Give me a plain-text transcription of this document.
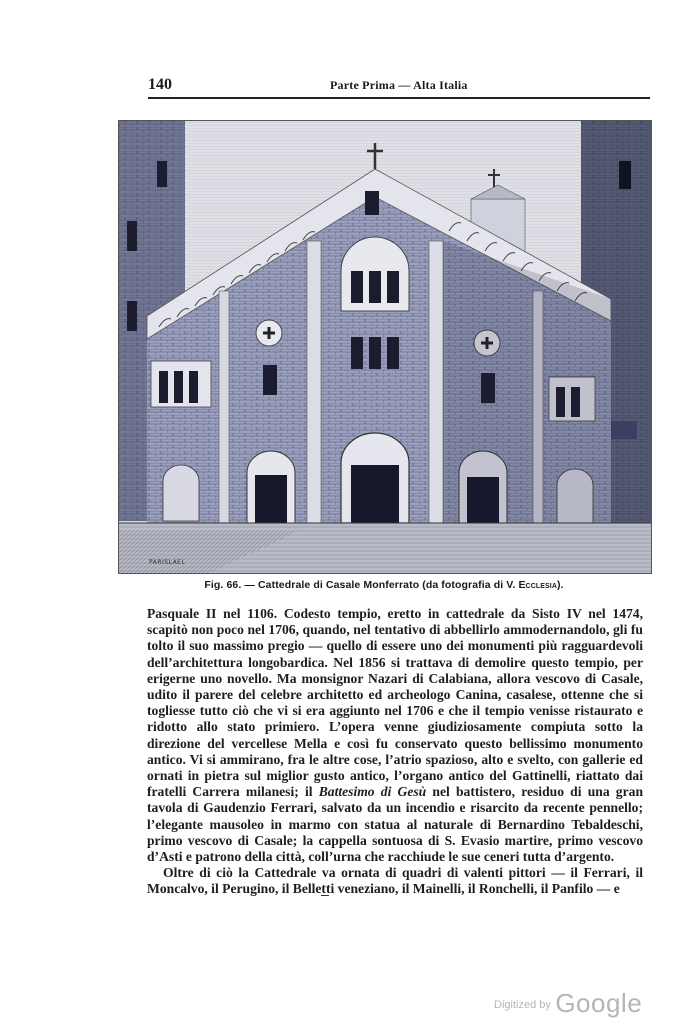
140	Parte Prima — Alta Italia
PARISLAEL
Fig. 66. — Cattedrale di Casale Monferrato (da fotografia di V. Ecclesia).

Pasquale II nel 1106. Codesto tempio, eretto in cattedrale da Sisto IV nel 1474, scapitò non poco nel 1706, quando, nel tentativo di abbellirlo ammodernandolo, gli fu tolto il suo massimo pregio — quello di essere uno dei monumenti più ragguardevoli dell’architettura longobardica. Nel 1856 si trattava di demolire questo tempio, per erigerne uno novello. Ma monsignor Nazari di Calabiana, allora vescovo di Casale, udito il parere del celebre architetto ed archeologo Canina, casalese, ottenne che si togliesse tutto ciò che vi si era aggiunto nel 1706 e che il tempio venisse ristaurato e ridotto allo stato primiero. L’opera venne giudiziosamente compiuta sotto la direzione del vercellese Mella e così fu conservato questo bellissimo monumento antico. Vi si ammirano, fra le altre cose, l’atrio spazioso, alto e svelto, con gallerie ed ornati in pietra sul miglior gusto antico, l’organo antico del Gattinelli, riattato dai fratelli Carrera milanesi; il Battesimo di Gesù nel battistero, residuo di una gran tavola di Gaudenzio Ferrari, salvato da un incendio e risarcito da recente pennello; l’elegante mausoleo in marmo con statua al naturale di Bernardino Tebaldeschi, primo vescovo di Casale; la cappella sontuosa di S. Evasio martire, primo vescovo d’Asti e patrono della città, coll’urna che racchiude le sue ceneri tutta d’argento.

Oltre di ciò la Cattedrale va ornata di quadri di valenti pittori — il Ferrari, il Moncalvo, il Perugino, il Belletti veneziano, il Mainelli, il Ronchelli, il Panfilo — e

$^{Digitized by}$ Google
